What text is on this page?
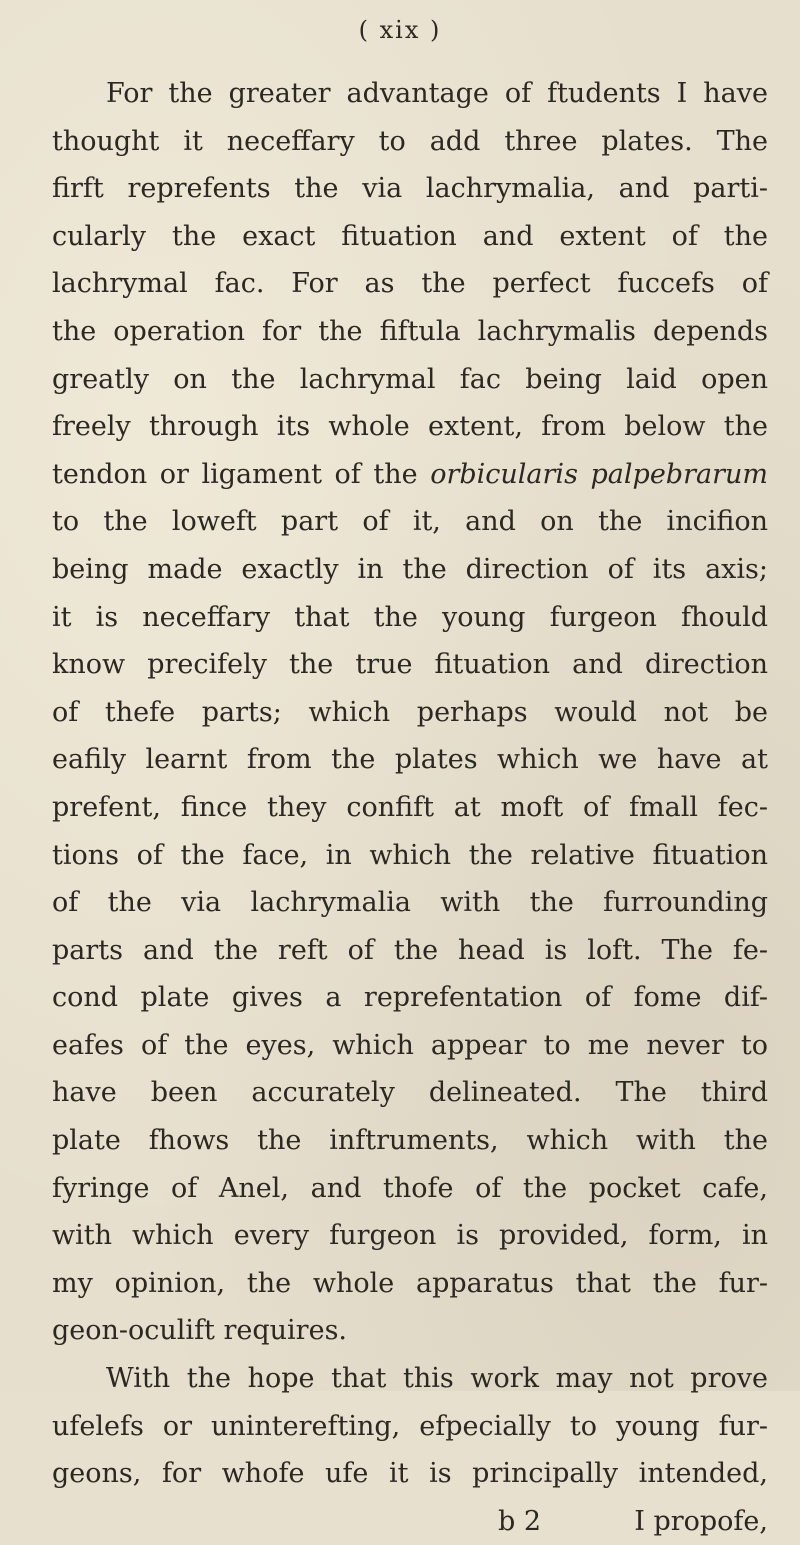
( xix )
For the greater advantage of ftudents I have
thought it neceffary to add three plates. The
firft reprefents the via lachrymalia, and parti-
cularly the exact fituation and extent of the
lachrymal fac. For as the perfect fuccefs of
the operation for the fiftula lachrymalis depends
greatly on the lachrymal fac being laid open
freely through its whole extent, from below the
tendon or ligament of the orbicularis palpebrarum
to the loweft part of it, and on the incifion
being made exactly in the direction of its axis;
it is neceffary that the young furgeon fhould
know precifely the true fituation and direction
of thefe parts; which perhaps would not be
eafily learnt from the plates which we have at
prefent, fince they confift at moft of fmall fec-
tions of the face, in which the relative fituation
of the via lachrymalia with the furrounding
parts and the reft of the head is loft. The fe-
cond plate gives a reprefentation of fome dif-
eafes of the eyes, which appear to me never to
have been accurately delineated. The third
plate fhows the inftruments, which with the
fyringe of Anel, and thofe of the pocket cafe,
with which every furgeon is provided, form, in
my opinion, the whole apparatus that the fur-
geon-oculift requires.
With the hope that this work may not prove
ufelefs or uninterefting, efpecially to young fur-
geons, for whofe ufe it is principally intended,
b 2	I propofe,
